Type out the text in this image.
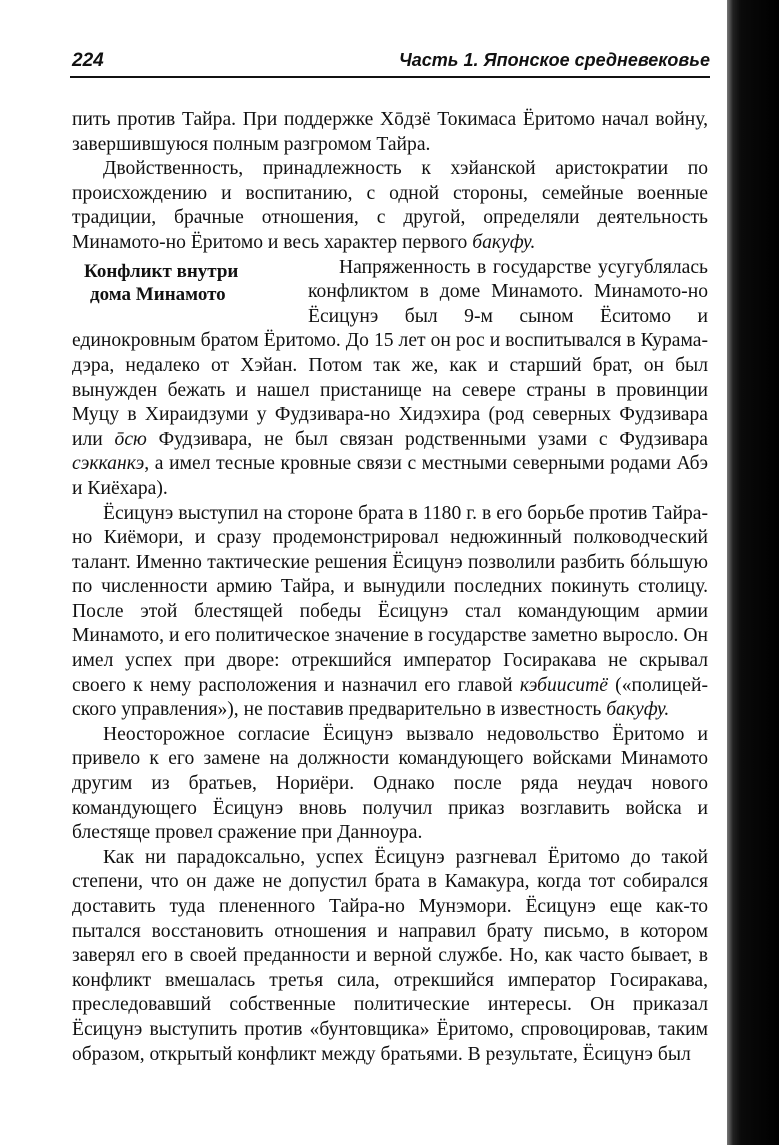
224	Часть 1. Японское средневековье

пить против Тайра. При поддержке Хōдзё Токимаса Ёритомо начал войну, завершившуюся полным разгромом Тайра.

Двойственность, принадлежность к хэйанской аристократии по происхождению и воспитанию, с одной стороны, семейные военные традиции, брачные отношения, с другой, определяли деятельность Минамото-но Ёритомо и весь характер первого бакуфу.

Конфликт внутри
дома Минамото
Напряженность в государстве усугублялась конфликтом в доме Минамото. Минамото-но Ёсицунэ был 9-м сыном Ёситомо и единокровным братом Ёритомо. До 15 лет он рос и воспитывался в Курама-дэра, недалеко от Хэйан. Потом так же, как и старший брат, он был вынужден бежать и нашел пристанище на севере страны в провинции Муцу в Хираидзуми у Фудзивара-но Хидэхира (род северных Фудзивара или ōсю Фудзивара, не был связан родственными узами с Фудзивара сэкканкэ, а имел тесные кровные связи с местными северными родами Абэ и Киёхара).

Ёсицунэ выступил на стороне брата в 1180 г. в его борьбе против Тайра-но Киёмори, и сразу продемонстрировал недюжинный полководческий талант. Именно тактические решения Ёсицунэ позволили разбить бóльшую по численности армию Тайра, и вынудили последних покинуть столицу. После этой блестящей победы Ёсицунэ стал командующим армии Минамото, и его политическое значение в государстве заметно выросло. Он имел успех при дворе: отрекшийся император Госиракава не скрывал своего к нему расположения и назначил его главой кэбииситё («полицейского управления»), не поставив предварительно в известность бакуфу.

Неосторожное согласие Ёсицунэ вызвало недовольство Ёритомо и привело к его замене на должности командующего войсками Минамото другим из братьев, Нориёри. Однако после ряда неудач нового командующего Ёсицунэ вновь получил приказ возглавить войска и блестяще провел сражение при Данноура.

Как ни парадоксально, успех Ёсицунэ разгневал Ёритомо до такой степени, что он даже не допустил брата в Камакура, когда тот собирался доставить туда плененного Тайра-но Мунэмори. Ёсицунэ еще как-то пытался восстановить отношения и направил брату письмо, в котором заверял его в своей преданности и верной службе. Но, как часто бывает, в конфликт вмешалась третья сила, отрекшийся император Госиракава, преследовавший собственные политические интересы. Он приказал Ёсицунэ выступить против «бунтовщика» Ёритомо, спровоцировав, таким образом, открытый конфликт между братьями. В результате, Ёсицунэ был
